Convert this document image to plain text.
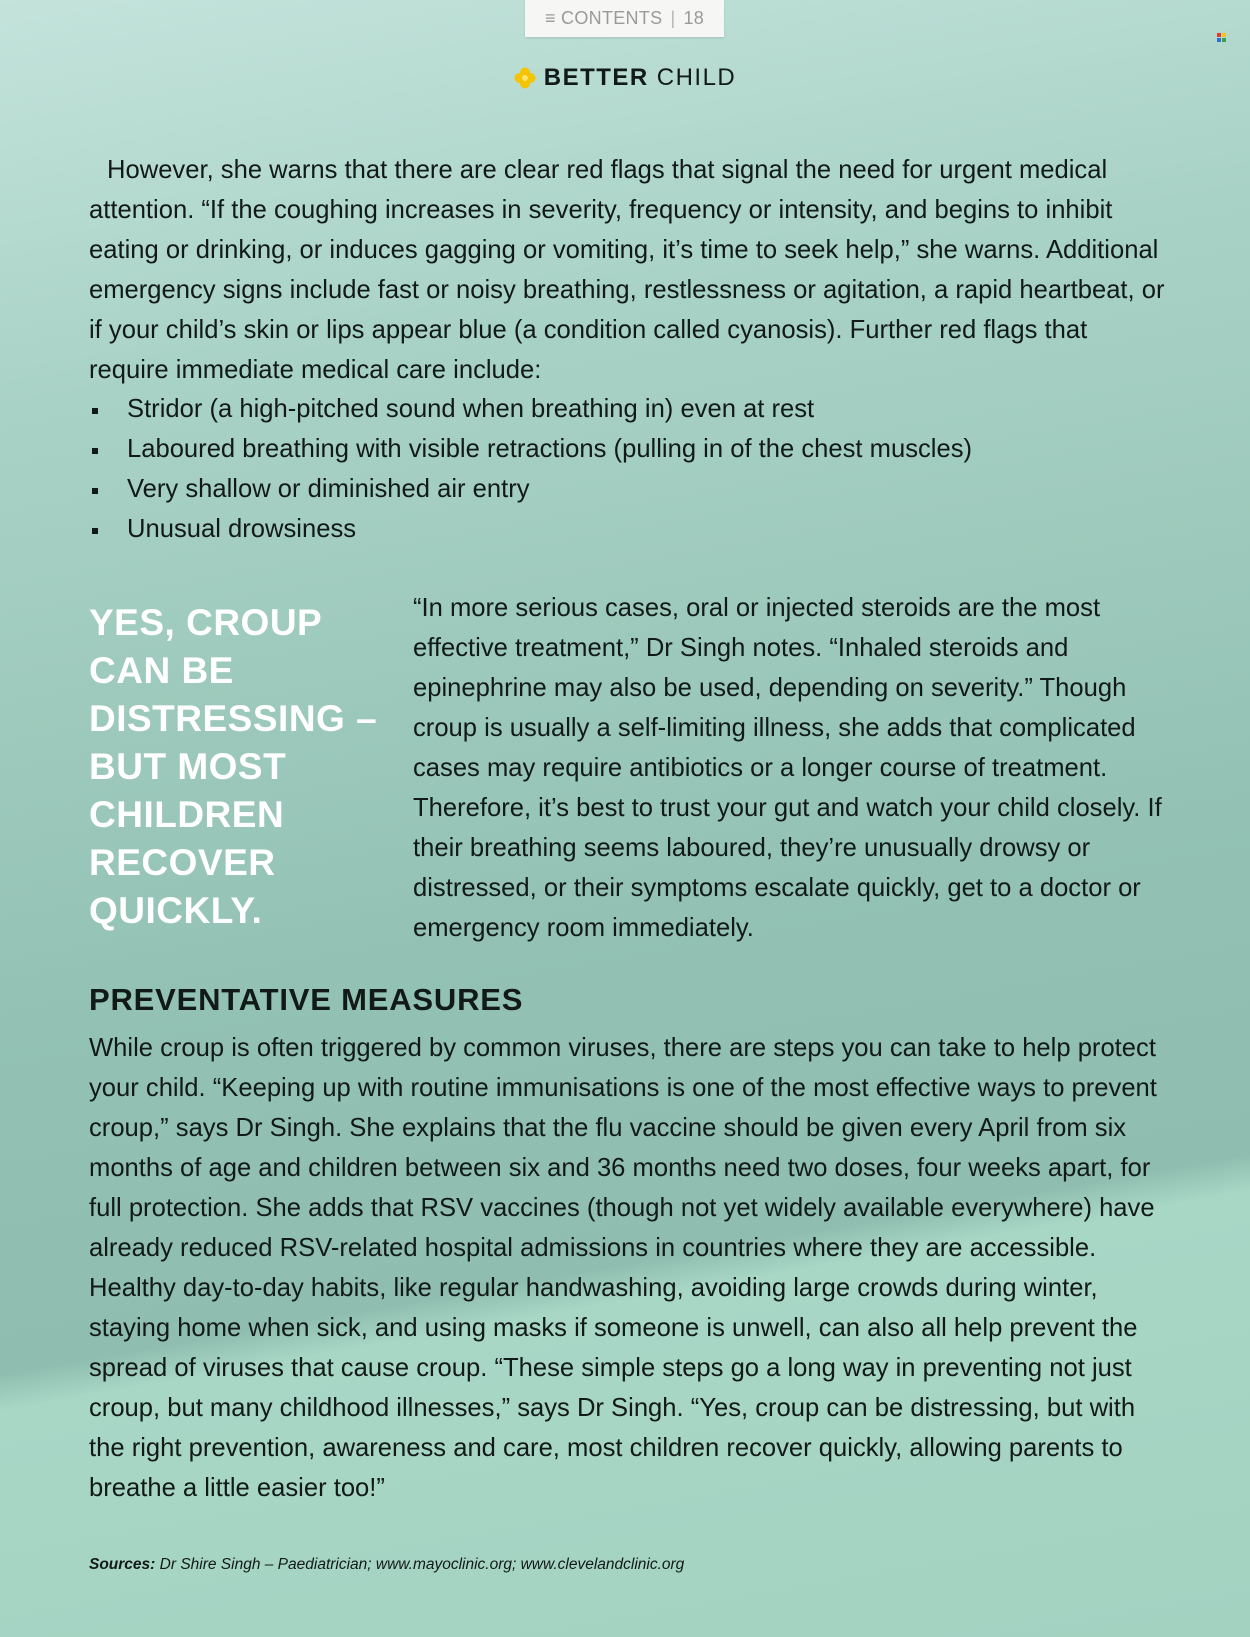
≡ CONTENTS | 18
BETTER CHILD

However, she warns that there are clear red flags that signal the need for urgent medical attention. “If the coughing increases in severity, frequency or intensity, and begins to inhibit eating or drinking, or induces gagging or vomiting, it’s time to seek help,” she warns. Additional emergency signs include fast or noisy breathing, restlessness or agitation, a rapid heartbeat, or if your child’s skin or lips appear blue (a condition called cyanosis). Further red flags that require immediate medical care include:

Stridor (a high-pitched sound when breathing in) even at rest
Laboured breathing with visible retractions (pulling in of the chest muscles)
Very shallow or diminished air entry
Unusual drowsiness

YES, CROUP CAN BE DISTRESSING – BUT MOST CHILDREN RECOVER QUICKLY.

“In more serious cases, oral or injected steroids are the most effective treatment,” Dr Singh notes. “Inhaled steroids and epinephrine may also be used, depending on severity.” Though croup is usually a self-limiting illness, she adds that complicated cases may require antibiotics or a longer course of treatment. Therefore, it’s best to trust your gut and watch your child closely. If their breathing seems laboured, they’re unusually drowsy or distressed, or their symptoms escalate quickly, get to a doctor or emergency room immediately.

PREVENTATIVE MEASURES

While croup is often triggered by common viruses, there are steps you can take to help protect your child. “Keeping up with routine immunisations is one of the most effective ways to prevent croup,” says Dr Singh. She explains that the flu vaccine should be given every April from six months of age and children between six and 36 months need two doses, four weeks apart, for full protection. She adds that RSV vaccines (though not yet widely available everywhere) have already reduced RSV-related hospital admissions in countries where they are accessible. Healthy day-to-day habits, like regular handwashing, avoiding large crowds during winter, staying home when sick, and using masks if someone is unwell, can also all help prevent the spread of viruses that cause croup. “These simple steps go a long way in preventing not just croup, but many childhood illnesses,” says Dr Singh. “Yes, croup can be distressing, but with the right prevention, awareness and care, most children recover quickly, allowing parents to breathe a little easier too!”

Sources: Dr Shire Singh – Paediatrician; www.mayoclinic.org; www.clevelandclinic.org
